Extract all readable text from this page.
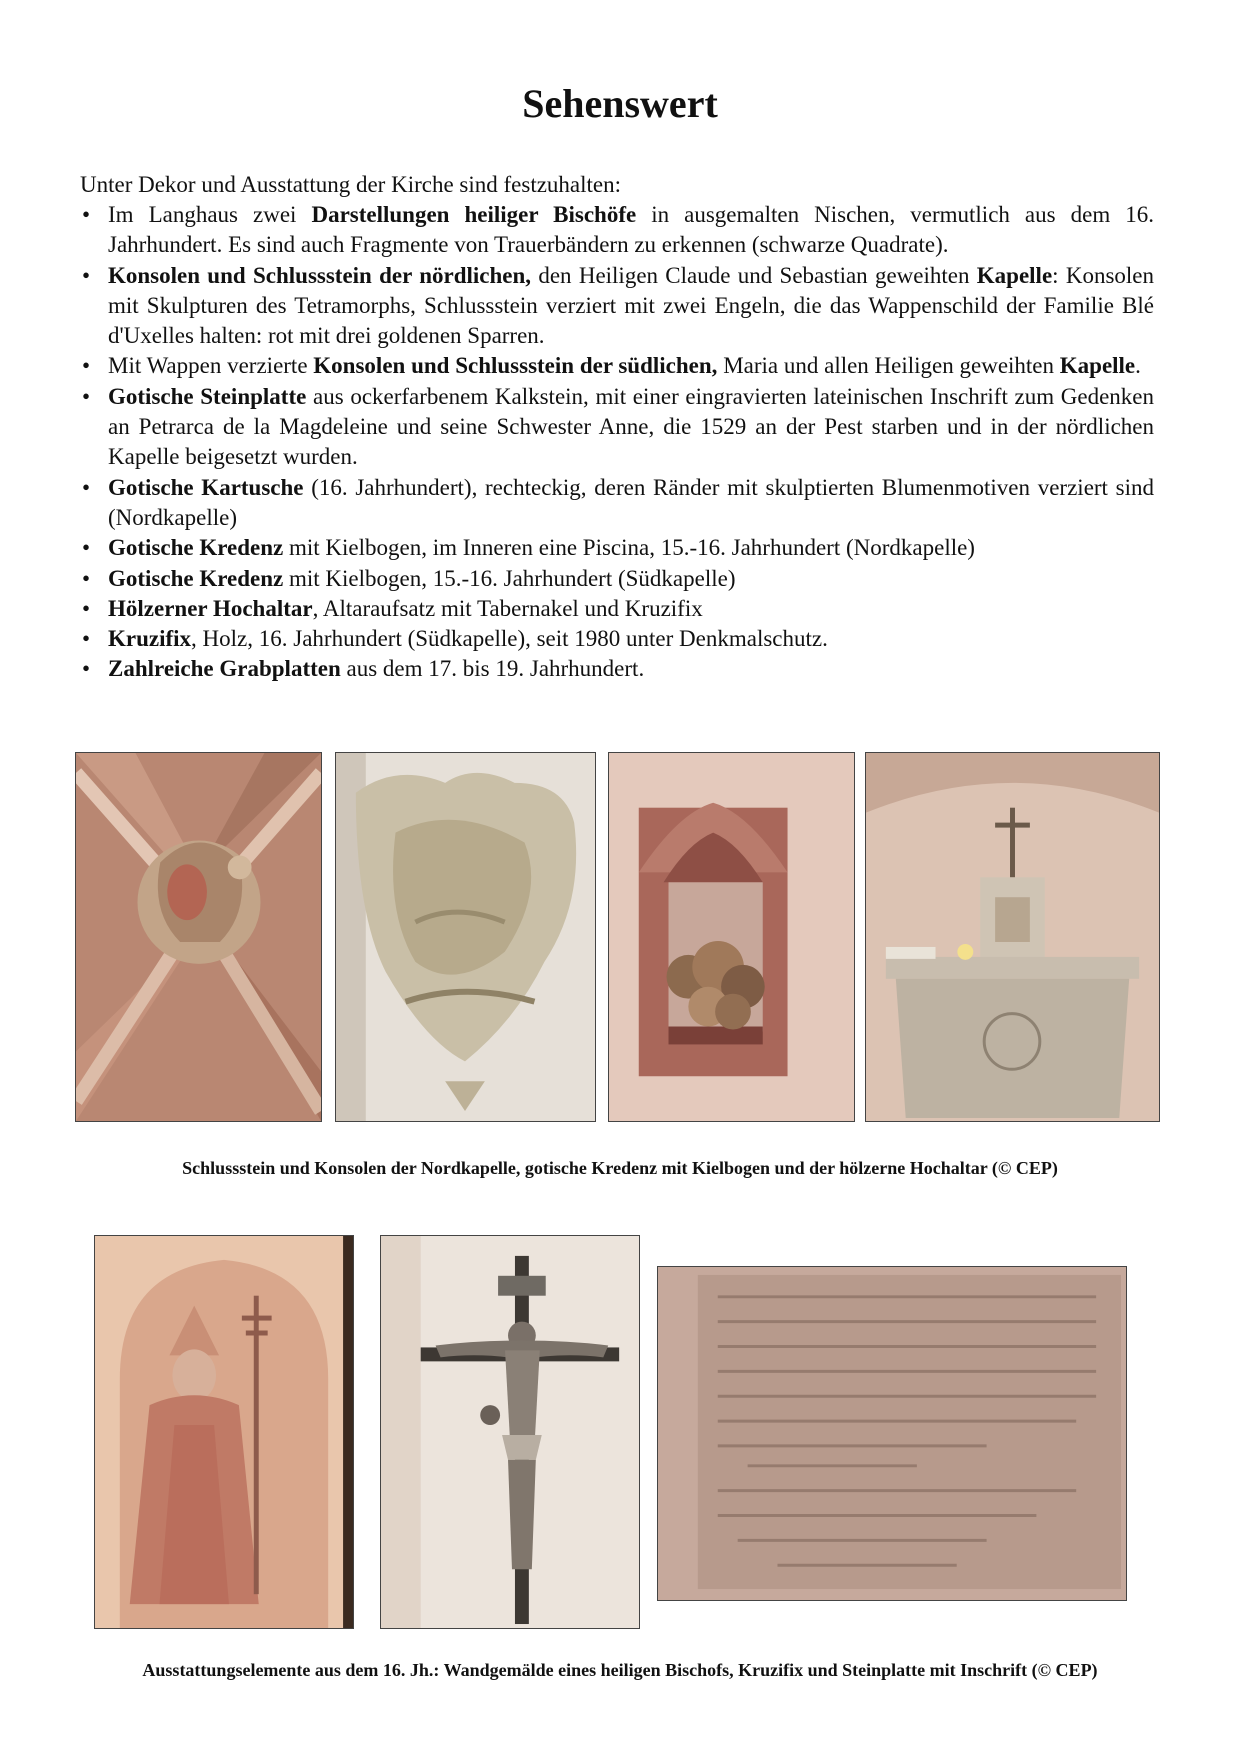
Sehenswert

Unter Dekor und Ausstattung der Kirche sind festzuhalten:

• Im Langhaus zwei Darstellungen heiliger Bischöfe in ausgemalten Nischen, vermutlich aus dem 16. Jahrhundert. Es sind auch Fragmente von Trauerbändern zu erkennen (schwarze Quadrate).
• Konsolen und Schlussstein der nördlichen, den Heiligen Claude und Sebastian geweihten Kapelle: Konsolen mit Skulpturen des Tetramorphs, Schlussstein verziert mit zwei Engeln, die das Wappenschild der Familie Blé d'Uxelles halten: rot mit drei goldenen Sparren.
• Mit Wappen verzierte Konsolen und Schlussstein der südlichen, Maria und allen Heiligen geweihten Kapelle.
• Gotische Steinplatte aus ockerfarbenem Kalkstein, mit einer eingravierten lateinischen Inschrift zum Gedenken an Petrarca de la Magdeleine und seine Schwester Anne, die 1529 an der Pest starben und in der nördlichen Kapelle beigesetzt wurden.
• Gotische Kartusche (16. Jahrhundert), rechteckig, deren Ränder mit skulptierten Blumenmotiven verziert sind (Nordkapelle)
• Gotische Kredenz mit Kielbogen, im Inneren eine Piscina, 15.-16. Jahrhundert (Nordkapelle)
• Gotische Kredenz mit Kielbogen, 15.-16. Jahrhundert (Südkapelle)
• Hölzerner Hochaltar, Altaraufsatz mit Tabernakel und Kruzifix
• Kruzifix, Holz, 16. Jahrhundert (Südkapelle), seit 1980 unter Denkmalschutz.
• Zahlreiche Grabplatten aus dem 17. bis 19. Jahrhundert.

Schlussstein und Konsolen der Nordkapelle, gotische Kredenz mit Kielbogen und der hölzerne Hochaltar (© CEP)

Ausstattungselemente aus dem 16. Jh.: Wandgemälde eines heiligen Bischofs, Kruzifix und Steinplatte mit Inschrift (© CEP)
